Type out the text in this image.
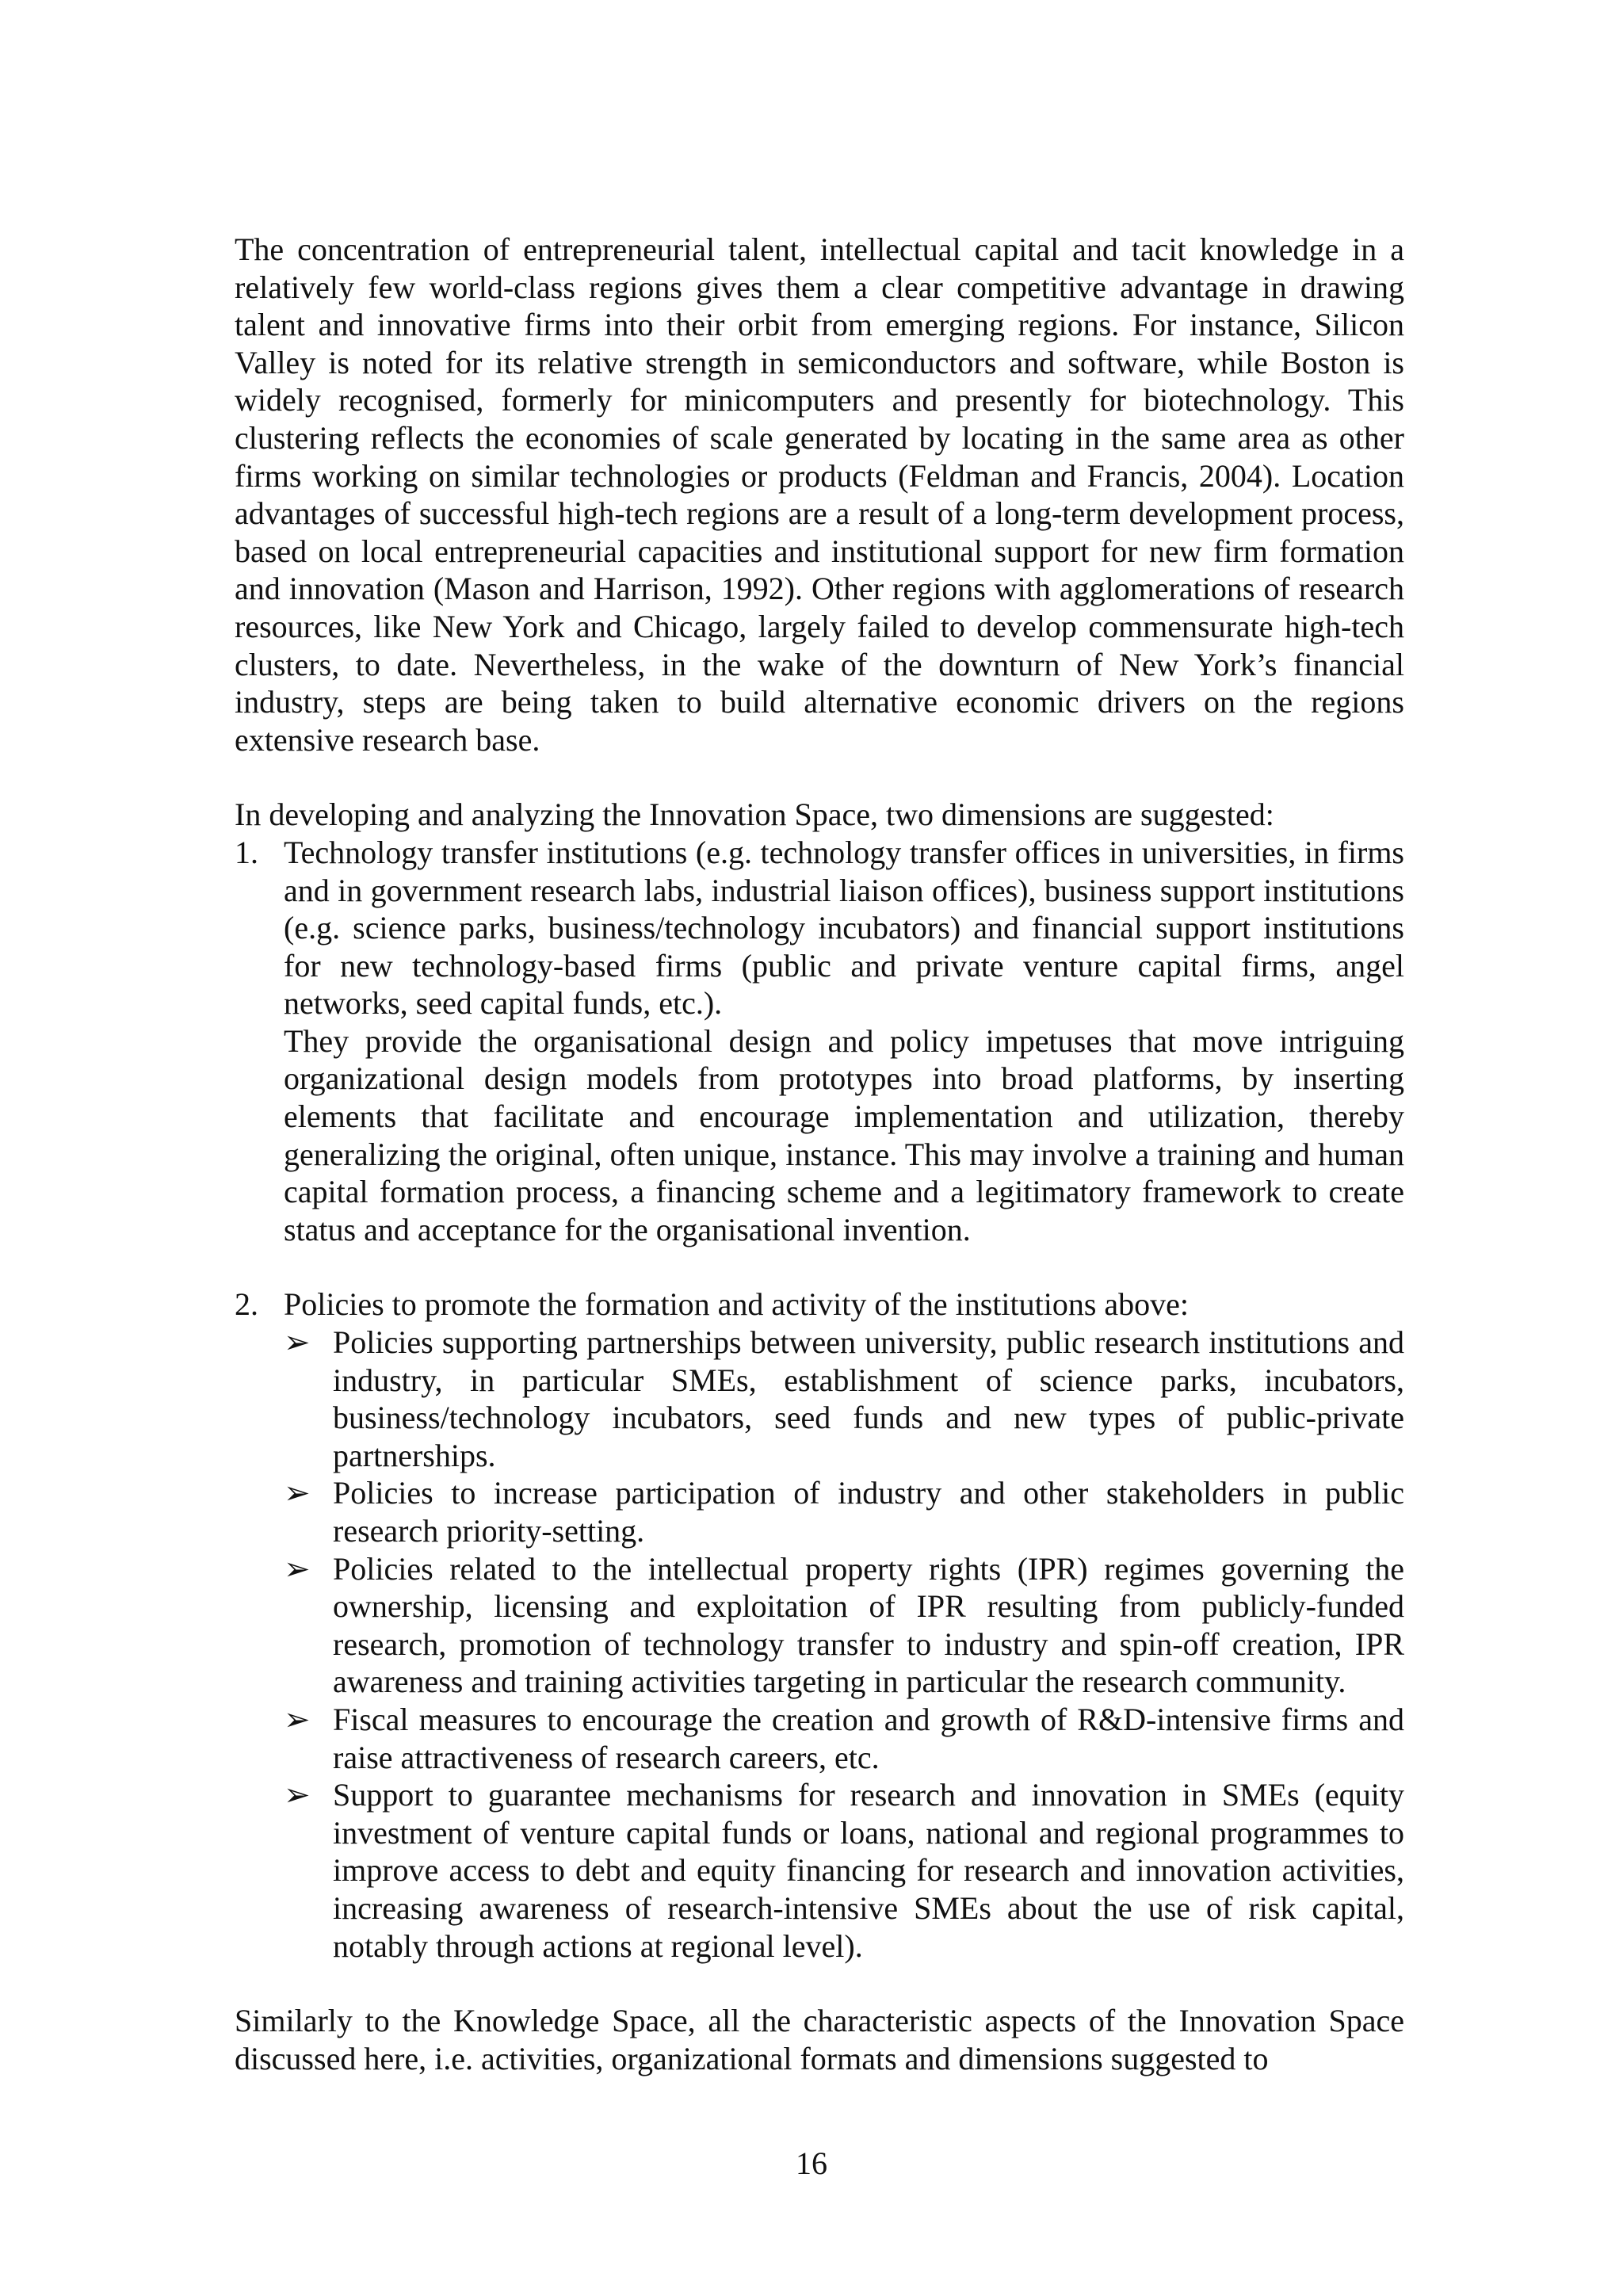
The concentration of entrepreneurial talent, intellectual capital and tacit knowledge in a relatively few world-class regions gives them a clear competitive advantage in drawing talent and innovative firms into their orbit from emerging regions. For instance, Silicon Valley is noted for its relative strength in semiconductors and software, while Boston is widely recognised, formerly for minicomputers and presently for biotechnology. This clustering reflects the economies of scale generated by locating in the same area as other firms working on similar technologies or products (Feldman and Francis, 2004). Location advantages of successful high-tech regions are a result of a long-term development process, based on local entrepreneurial capacities and institutional support for new firm formation and innovation (Mason and Harrison, 1992). Other regions with agglomerations of research resources, like New York and Chicago, largely failed to develop commensurate high-tech clusters, to date. Nevertheless, in the wake of the downturn of New York’s financial industry, steps are being taken to build alternative economic drivers on the regions extensive research base.

In developing and analyzing the Innovation Space, two dimensions are suggested:

1. Technology transfer institutions (e.g. technology transfer offices in universities, in firms and in government research labs, industrial liaison offices), business support institutions (e.g. science parks, business/technology incubators) and financial support institutions for new technology-based firms (public and private venture capital firms, angel networks, seed capital funds, etc.).

They provide the organisational design and policy impetuses that move intriguing organizational design models from prototypes into broad platforms, by inserting elements that facilitate and encourage implementation and utilization, thereby generalizing the original, often unique, instance. This may involve a training and human capital formation process, a financing scheme and a legitimatory framework to create status and acceptance for the organisational invention.

2. Policies to promote the formation and activity of the institutions above:

➢ Policies supporting partnerships between university, public research institutions and industry, in particular SMEs, establishment of science parks, incubators, business/technology incubators, seed funds and new types of public-private partnerships.
➢ Policies to increase participation of industry and other stakeholders in public research priority-setting.
➢ Policies related to the intellectual property rights (IPR) regimes governing the ownership, licensing and exploitation of IPR resulting from publicly-funded research, promotion of technology transfer to industry and spin-off creation, IPR awareness and training activities targeting in particular the research community.
➢ Fiscal measures to encourage the creation and growth of R&D-intensive firms and raise attractiveness of research careers, etc.
➢ Support to guarantee mechanisms for research and innovation in SMEs (equity investment of venture capital funds or loans, national and regional programmes to improve access to debt and equity financing for research and innovation activities, increasing awareness of research-intensive SMEs about the use of risk capital, notably through actions at regional level).

Similarly to the Knowledge Space, all the characteristic aspects of the Innovation Space discussed here, i.e. activities, organizational formats and dimensions suggested to

16
